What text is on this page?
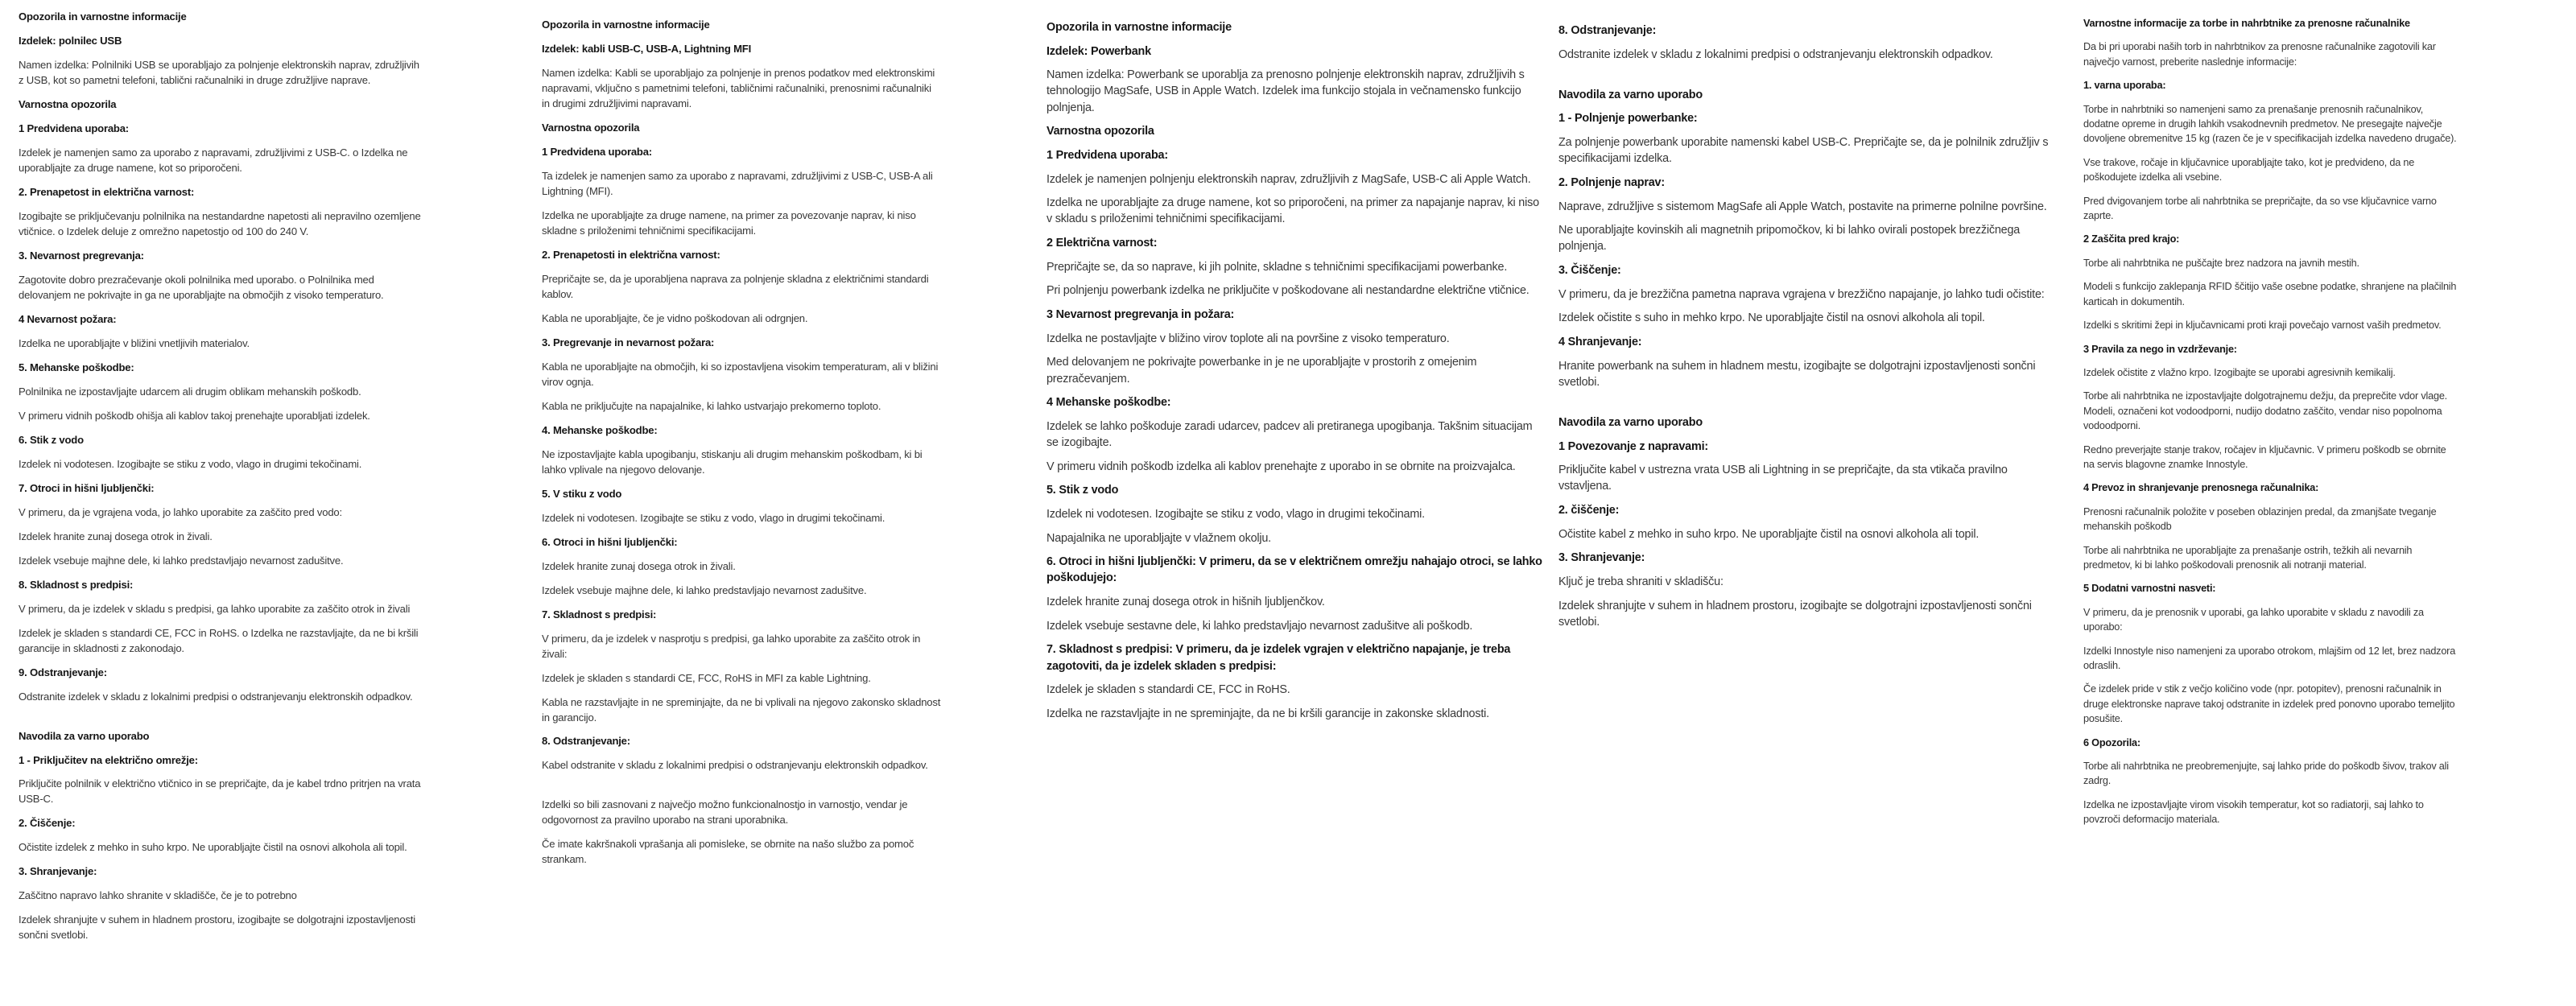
Opozorila in varnostne informacije
Izdelek: polnilec USB

Namen izdelka: Polnilniki USB se uporabljajo za polnjenje elektronskih naprav, združljivih z USB, kot so pametni telefoni, tablični računalniki in druge združljive naprave.

Varnostna opozorila
1 Predvidena uporaba:

Izdelek je namenjen samo za uporabo z napravami, združljivimi z USB-C. o Izdelka ne uporabljajte za druge namene, kot so priporočeni.

2. Prenapetost in električna varnost:

Izogibajte se priključevanju polnilnika na nestandardne napetosti ali nepravilno ozemljene vtičnice. o Izdelek deluje z omrežno napetostjo od 100 do 240 V.

3. Nevarnost pregrevanja:

Zagotovite dobro prezračevanje okoli polnilnika med uporabo. o Polnilnika med delovanjem ne pokrivajte in ga ne uporabljajte na območjih z visoko temperaturo.

4 Nevarnost požara:

Izdelka ne uporabljajte v bližini vnetljivih materialov.

5. Mehanske poškodbe:

Polnilnika ne izpostavljajte udarcem ali drugim oblikam mehanskih poškodb.

V primeru vidnih poškodb ohišja ali kablov takoj prenehajte uporabljati izdelek.

6. Stik z vodo

Izdelek ni vodotesen. Izogibajte se stiku z vodo, vlago in drugimi tekočinami.

7. Otroci in hišni ljubljenčki:

V primeru, da je vgrajena voda, jo lahko uporabite za zaščito pred vodo:

Izdelek hranite zunaj dosega otrok in živali.

Izdelek vsebuje majhne dele, ki lahko predstavljajo nevarnost zadušitve.

8. Skladnost s predpisi:

V primeru, da je izdelek v skladu s predpisi, ga lahko uporabite za zaščito otrok in živali

Izdelek je skladen s standardi CE, FCC in RoHS. o Izdelka ne razstavljajte, da ne bi kršili garancije in skladnosti z zakonodajo.

9. Odstranjevanje:

Odstranite izdelek v skladu z lokalnimi predpisi o odstranjevanju elektronskih odpadkov.

Navodila za varno uporabo
1 - Priključitev na električno omrežje:

Priključite polnilnik v električno vtičnico in se prepričajte, da je kabel trdno pritrjen na vrata USB-C.

2. Čiščenje:

Očistite izdelek z mehko in suho krpo. Ne uporabljajte čistil na osnovi alkohola ali topil.

3. Shranjevanje:

Zaščitno napravo lahko shranite v skladišče, če je to potrebno

Izdelek shranjujte v suhem in hladnem prostoru, izogibajte se dolgotrajni izpostavljenosti sončni svetlobi.

Opozorila in varnostne informacije
Izdelek: kabli USB-C, USB-A, Lightning MFI

Namen izdelka: Kabli se uporabljajo za polnjenje in prenos podatkov med elektronskimi napravami, vključno s pametnimi telefoni, tabličnimi računalniki, prenosnimi računalniki in drugimi združljivimi napravami.

Varnostna opozorila
1 Predvidena uporaba:

Ta izdelek je namenjen samo za uporabo z napravami, združljivimi z USB-C, USB-A ali Lightning (MFI).

Izdelka ne uporabljajte za druge namene, na primer za povezovanje naprav, ki niso skladne s priloženimi tehničnimi specifikacijami.

2. Prenapetosti in električna varnost:

Prepričajte se, da je uporabljena naprava za polnjenje skladna z električnimi standardi kablov.

Kabla ne uporabljajte, če je vidno poškodovan ali odrgnjen.

3. Pregrevanje in nevarnost požara:

Kabla ne uporabljajte na območjih, ki so izpostavljena visokim temperaturam, ali v bližini virov ognja.

Kabla ne priključujte na napajalnike, ki lahko ustvarjajo prekomerno toploto.

4. Mehanske poškodbe:

Ne izpostavljajte kabla upogibanju, stiskanju ali drugim mehanskim poškodbam, ki bi lahko vplivale na njegovo delovanje.

5. V stiku z vodo

Izdelek ni vodotesen. Izogibajte se stiku z vodo, vlago in drugimi tekočinami.

6. Otroci in hišni ljubljenčki:

Izdelek hranite zunaj dosega otrok in živali.

Izdelek vsebuje majhne dele, ki lahko predstavljajo nevarnost zadušitve.

7. Skladnost s predpisi:

V primeru, da je izdelek v nasprotju s predpisi, ga lahko uporabite za zaščito otrok in živali:

Izdelek je skladen s standardi CE, FCC, RoHS in MFI za kable Lightning.

Kabla ne razstavljajte in ne spreminjajte, da ne bi vplivali na njegovo zakonsko skladnost in garancijo.

8. Odstranjevanje:

Kabel odstranite v skladu z lokalnimi predpisi o odstranjevanju elektronskih odpadkov.

Izdelki so bili zasnovani z največjo možno funkcionalnostjo in varnostjo, vendar je odgovornost za pravilno uporabo na strani uporabnika.

Če imate kakršnakoli vprašanja ali pomisleke, se obrnite na našo službo za pomoč strankam.

Opozorila in varnostne informacije
Izdelek: Powerbank

Namen izdelka: Powerbank se uporablja za prenosno polnjenje elektronskih naprav, združljivih s tehnologijo MagSafe, USB in Apple Watch. Izdelek ima funkcijo stojala in večnamensko funkcijo polnjenja.

Varnostna opozorila
1 Predvidena uporaba:

Izdelek je namenjen polnjenju elektronskih naprav, združljivih z MagSafe, USB-C ali Apple Watch.

Izdelka ne uporabljajte za druge namene, kot so priporočeni, na primer za napajanje naprav, ki niso v skladu s priloženimi tehničnimi specifikacijami.

2 Električna varnost:

Prepričajte se, da so naprave, ki jih polnite, skladne s tehničnimi specifikacijami powerbanke.

Pri polnjenju powerbank izdelka ne priključite v poškodovane ali nestandardne električne vtičnice.

3 Nevarnost pregrevanja in požara:

Izdelka ne postavljajte v bližino virov toplote ali na površine z visoko temperaturo.

Med delovanjem ne pokrivajte powerbanke in je ne uporabljajte v prostorih z omejenim prezračevanjem.

4 Mehanske poškodbe:

Izdelek se lahko poškoduje zaradi udarcev, padcev ali pretiranega upogibanja. Takšnim situacijam se izogibajte.

V primeru vidnih poškodb izdelka ali kablov prenehajte z uporabo in se obrnite na proizvajalca.

5. Stik z vodo

Izdelek ni vodotesen. Izogibajte se stiku z vodo, vlago in drugimi tekočinami.

Napajalnika ne uporabljajte v vlažnem okolju.

6. Otroci in hišni ljubljenčki: V primeru, da se v električnem omrežju nahajajo otroci, se lahko poškodujejo:

Izdelek hranite zunaj dosega otrok in hišnih ljubljenčkov.

Izdelek vsebuje sestavne dele, ki lahko predstavljajo nevarnost zadušitve ali poškodb.

7. Skladnost s predpisi: V primeru, da je izdelek vgrajen v električno napajanje, je treba zagotoviti, da je izdelek skladen s predpisi:

Izdelek je skladen s standardi CE, FCC in RoHS.

Izdelka ne razstavljajte in ne spreminjajte, da ne bi kršili garancije in zakonske skladnosti.

8. Odstranjevanje:

Odstranite izdelek v skladu z lokalnimi predpisi o odstranjevanju elektronskih odpadkov.

Navodila za varno uporabo
1 - Polnjenje powerbanke:

Za polnjenje powerbank uporabite namenski kabel USB-C. Prepričajte se, da je polnilnik združljiv s specifikacijami izdelka.

2. Polnjenje naprav:

Naprave, združljive s sistemom MagSafe ali Apple Watch, postavite na primerne polnilne površine.

Ne uporabljajte kovinskih ali magnetnih pripomočkov, ki bi lahko ovirali postopek brezžičnega polnjenja.

3. Čiščenje:

V primeru, da je brezžična pametna naprava vgrajena v brezžično napajanje, jo lahko tudi očistite:

Izdelek očistite s suho in mehko krpo. Ne uporabljajte čistil na osnovi alkohola ali topil.

4 Shranjevanje:

Hranite powerbank na suhem in hladnem mestu, izogibajte se dolgotrajni izpostavljenosti sončni svetlobi.

Navodila za varno uporabo
1 Povezovanje z napravami:

Priključite kabel v ustrezna vrata USB ali Lightning in se prepričajte, da sta vtikača pravilno vstavljena.

2. čiščenje:

Očistite kabel z mehko in suho krpo. Ne uporabljajte čistil na osnovi alkohola ali topil.

3. Shranjevanje:

Ključ je treba shraniti v skladišču:

Izdelek shranjujte v suhem in hladnem prostoru, izogibajte se dolgotrajni izpostavljenosti sončni svetlobi.

Varnostne informacije za torbe in nahrbtnike za prenosne računalnike

Da bi pri uporabi naših torb in nahrbtnikov za prenosne računalnike zagotovili kar največjo varnost, preberite naslednje informacije:

1. varna uporaba:

Torbe in nahrbtniki so namenjeni samo za prenašanje prenosnih računalnikov, dodatne opreme in drugih lahkih vsakodnevnih predmetov. Ne presegajte največje dovoljene obremenitve 15 kg (razen če je v specifikacijah izdelka navedeno drugače).

Vse trakove, ročaje in ključavnice uporabljajte tako, kot je predvideno, da ne poškodujete izdelka ali vsebine.

Pred dvigovanjem torbe ali nahrbtnika se prepričajte, da so vse ključavnice varno zaprte.

2 Zaščita pred krajo:

Torbe ali nahrbtnika ne puščajte brez nadzora na javnih mestih.

Modeli s funkcijo zaklepanja RFID ščitijo vaše osebne podatke, shranjene na plačilnih karticah in dokumentih.

Izdelki s skritimi žepi in ključavnicami proti kraji povečajo varnost vaših predmetov.

3 Pravila za nego in vzdrževanje:

Izdelek očistite z vlažno krpo. Izogibajte se uporabi agresivnih kemikalij.

Torbe ali nahrbtnika ne izpostavljajte dolgotrajnemu dežju, da preprečite vdor vlage. Modeli, označeni kot vodoodporni, nudijo dodatno zaščito, vendar niso popolnoma vodoodporni.

Redno preverjajte stanje trakov, ročajev in ključavnic. V primeru poškodb se obrnite na servis blagovne znamke Innostyle.

4 Prevoz in shranjevanje prenosnega računalnika:

Prenosni računalnik položite v poseben oblazinjen predal, da zmanjšate tveganje mehanskih poškodb

Torbe ali nahrbtnika ne uporabljajte za prenašanje ostrih, težkih ali nevarnih predmetov, ki bi lahko poškodovali prenosnik ali notranji material.

5 Dodatni varnostni nasveti:

V primeru, da je prenosnik v uporabi, ga lahko uporabite v skladu z navodili za uporabo:

Izdelki Innostyle niso namenjeni za uporabo otrokom, mlajšim od 12 let, brez nadzora odraslih.

Če izdelek pride v stik z večjo količino vode (npr. potopitev), prenosni računalnik in druge elektronske naprave takoj odstranite in izdelek pred ponovno uporabo temeljito posušite.

6 Opozorila:

Torbe ali nahrbtnika ne preobremenjujte, saj lahko pride do poškodb šivov, trakov ali zadrg.

Izdelka ne izpostavljajte virom visokih temperatur, kot so radiatorji, saj lahko to povzroči deformacijo materiala.
